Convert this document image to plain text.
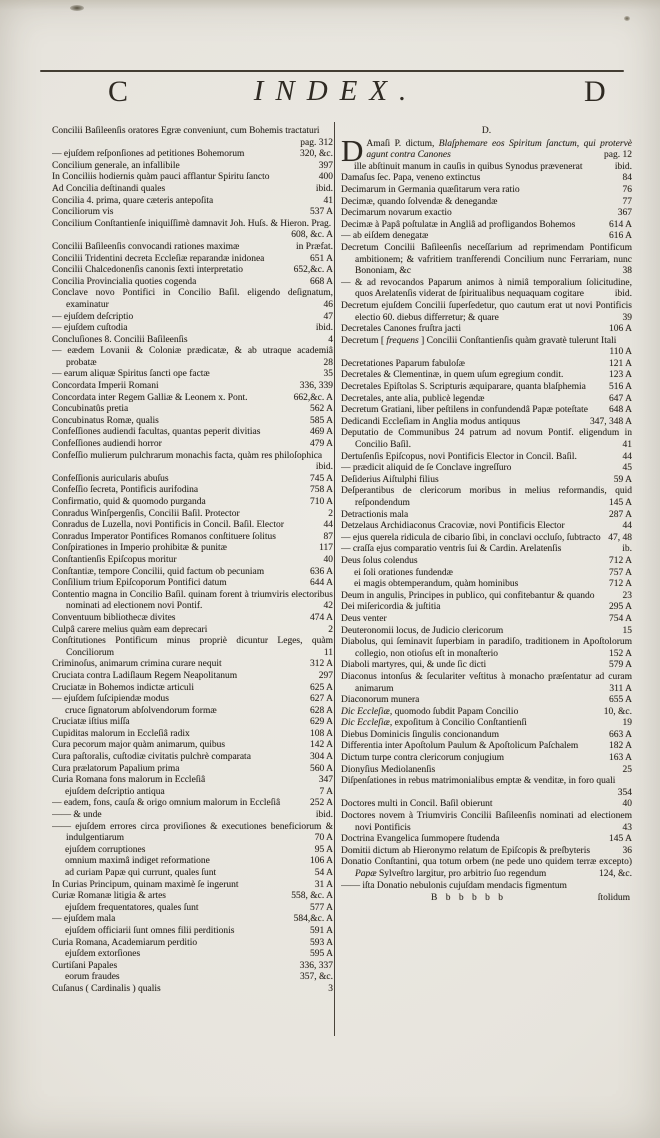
C	INDEX.	D
Concilii Baſileenſis oratores Egræ conveniunt, cum Bohemis tractaturi
pag. 312
— ejuſdem reſponſiones ad petitiones Bohemorum	320, &c.
Concilium generale, an infallibile	397
In Conciliis hodiernis quàm pauci afflantur Spiritu ſancto	400
Ad Concilia deſtinandi quales	ibid.
Concilia 4. prima, quare cæteris antepoſita	41
Conciliorum vis	537 A
Concilium Conſtantienſe iniquiſſimè damnavit Joh. Huſs. & Hieron. Prag.
608, &c. A
Concilii Baſileenſis convocandi rationes maximæ	in Præfat.
Concilii Tridentini decreta Eccleſiæ reparandæ inidonea	651 A
Concilii Chalcedonenſis canonis ſexti interpretatio	652,&c. A
Concilia Provincialia quoties cogenda	668 A
Conclave novo Pontifici in Concilio Baſil. eligendo deſignatum, examinatur	46
— ejuſdem deſcriptio	47
— ejuſdem cuſtodia	ibid.
Concluſiones 8. Concilii Baſileenſis	4
— eædem Lovanii & Coloniæ prædicatæ, & ab utraque academiâ probatæ	28
— earum aliquæ Spiritus ſancti ope factæ	35
Concordata Imperii Romani	336, 339
Concordata inter Regem Galliæ & Leonem x. Pont.	662,&c. A
Concubinatûs pretia	562 A
Concubinatus Romæ, qualis	585 A
Confeſſiones audiendi facultas, quantas peperit divitias	469 A
Confeſſiones audiendi horror	479 A
Confeſſio mulierum pulchrarum monachis facta, quàm res philoſophica
ibid.
Confeſſionis auricularis abuſus	745 A
Confeſſio ſecreta, Pontificis aurifodina	758 A
Confirmatio, quid & quomodo purganda	710 A
Conradus Winſpergenſis, Concilii Baſil. Protector	2
Conradus de Luzella, novi Pontificis in Concil. Baſil. Elector	44
Conradus Imperator Pontifices Romanos conſtituere ſolitus	87
Conſpirationes in Imperio prohibitæ & punitæ	117
Conſtantienſis Epiſcopus moritur	40
Conſtantiæ, tempore Concilii, quid factum ob pecuniam	636 A
Conſilium trium Epiſcoporum Pontifici datum	644 A
Contentio magna in Concilio Baſil. quinam forent à triumviris electoribus nominati ad electionem novi Pontif.	42
Conventuum bibliothecæ divites	474 A
Culpâ carere melius quàm eam deprecari	2
Conſtitutiones Pontificum minus propriè dicuntur Leges, quàm Conciliorum	11
Criminoſus, animarum crimina curare nequit	312 A
Cruciata contra Ladiſlaum Regem Neapolitanum	297
Cruciatæ in Bohemos indictæ articuli	625 A
— ejuſdem ſuſcipiendæ modus	627 A
cruce ſignatorum abſolvendorum formæ	628 A
Cruciatæ iſtius miſſa	629 A
Cupiditas malorum in Eccleſiâ radix	108 A
Cura pecorum major quàm animarum, quibus	142 A
Cura paſtoralis, cuſtodiæ civitatis pulchrè comparata	304 A
Cura prælatorum Papalium prima	560 A
Curia Romana fons malorum in Eccleſiâ	347
ejuſdem deſcriptio antiqua	7 A
— eadem, fons, cauſa & origo omnium malorum in Eccleſiâ	252 A
—— & unde	ibid.
—— ejuſdem errores circa proviſiones & executiones beneficiorum & indulgentiarum	70 A
ejuſdem corruptiones	95 A
omnium maximâ indiget reformatione	106 A
ad curiam Papæ qui currunt, quales ſunt	54 A
In Curias Principum, quinam maximè ſe ingerunt	31 A
Curiæ Romanæ litigia & artes	558, &c. A
ejuſdem frequentatores, quales ſunt	577 A
— ejuſdem mala	584,&c. A
ejuſdem officiarii ſunt omnes filii perditionis	591 A
Curia Romana, Academiarum perditio	593 A
ejuſdem extorſiones	595 A
Curtiſani Papales	336, 337
eorum fraudes	357, &c.
Cuſanus ( Cardinalis ) qualis	3
D.
D Amaſi P. dictum, Blaſphemare eos Spiritum ſanctum, qui protervè agunt contra Canones	pag. 12
ille abſtinuit manum in cauſis in quibus Synodus prævenerat	ibid.
Damaſus ſec. Papa, veneno extinctus	84
Decimarum in Germania quæſitarum vera ratio	76
Decimæ, quando ſolvendæ & denegandæ	77
Decimarum novarum exactio	367
Decimæ à Papâ poſtulatæ in Angliâ ad profligandos Bohemos	614 A
— ab eiſdem denegatæ	616 A
Decretum Concilii Baſileenſis neceſſarium ad reprimendam Pontificum ambitionem; & vafritiem tranſferendi Concilium nunc Ferrariam, nunc Bononiam, &c	38
— & ad revocandos Paparum animos à nimiâ temporalium ſolicitudine, quos Arelatenſis viderat de ſpiritualibus nequaquam cogitare	ibid.
Decretum ejuſdem Concilii ſuperſedetur, quo cautum erat ut novi Pontificis electio 60. diebus differretur; & quare	39
Decretales Canones fruſtra jacti	106 A
Decretum [ frequens ] Concilii Conſtantienſis quàm gravatè tulerunt Itali
110 A
Decretationes Paparum fabuloſæ	121 A
Decretales & Clementinæ, in quem uſum egregium condit.	123 A
Decretales Epiſtolas S. Scripturis æquiparare, quanta blaſphemia	516 A
Decretales, ante alia, publicè legendæ	647 A
Decretum Gratiani, liber peſtilens in confundendâ Papæ poteſtate	648 A
Dedicandi Eccleſiam in Anglia modus antiquus	347, 348 A
Deputatio de Communibus 24 patrum ad novum Pontif. eligendum in Concilio Baſil.	41
Dertuſenſis Epiſcopus, novi Pontificis Elector in Concil. Baſil.	44
— prædicit aliquid de ſe Conclave ingreſſuro	45
Deſiderius Aiſtulphi filius	59 A
Deſperantibus de clericorum moribus in melius reformandis, quid reſpondendum	145 A
Detractionis mala	287 A
Detzelaus Archidiaconus Cracoviæ, novi Pontificis Elector	44
— ejus querela ridicula de cibario ſibi, in conclavi occluſo, ſubtracto 47, 48
— craſſa ejus comparatio ventris ſui & Cardin. Arelatenſis	ib.
Deus ſolus colendus	712 A
ei ſoli orationes fundendæ	757 A
ei magis obtemperandum, quàm hominibus	712 A
Deum in angulis, Principes in publico, qui confitebantur & quando	23
Dei miſericordia & juſtitia	295 A
Deus venter	754 A
Deuteronomii locus, de Judicio clericorum	15
Diabolus, qui ſeminavit ſuperbiam in paradiſo, traditionem in Apoſtolorum collegio, non otioſus eſt in monaſterio	152 A
Diaboli martyres, qui, & unde ſic dicti	579 A
Diaconus intonſus & ſeculariter veſtitus à monacho præſentatur ad curam animarum	311 A
Diaconorum munera	655 A
Dic Eccleſiæ, quomodo ſubdit Papam Concilio	10, &c.
Dic Eccleſiæ, expoſitum à Concilio Conſtantienſi	19
Diebus Dominicis ſingulis concionandum	663 A
Differentia inter Apoſtolum Paulum & Apoſtolicum Paſchalem	182 A
Dictum turpe contra clericorum conjugium	163 A
Dionyſius Mediolanenſis	25
Diſpenſationes in rebus matrimonialibus emptæ & venditæ, in foro quali
354
Doctores multi in Concil. Baſil obierunt	40
Doctores novem à Triumviris Concilii Baſileenſis nominati ad electionem novi Pontificis	43
Doctrina Evangelica ſummopere ſtudenda	145 A
Domitii dictum ab Hieronymo relatum de Epiſcopis & preſbyteris	36
Donatio Conſtantini, qua totum orbem (ne pede uno quidem terræ excepto) Papæ Sylveſtro largitur, pro arbitrio ſuo regendum	124, &c.
—— iſta Donatio nebulonis cujuſdam mendacis figmentum
B b b b b b	ſtolidum
